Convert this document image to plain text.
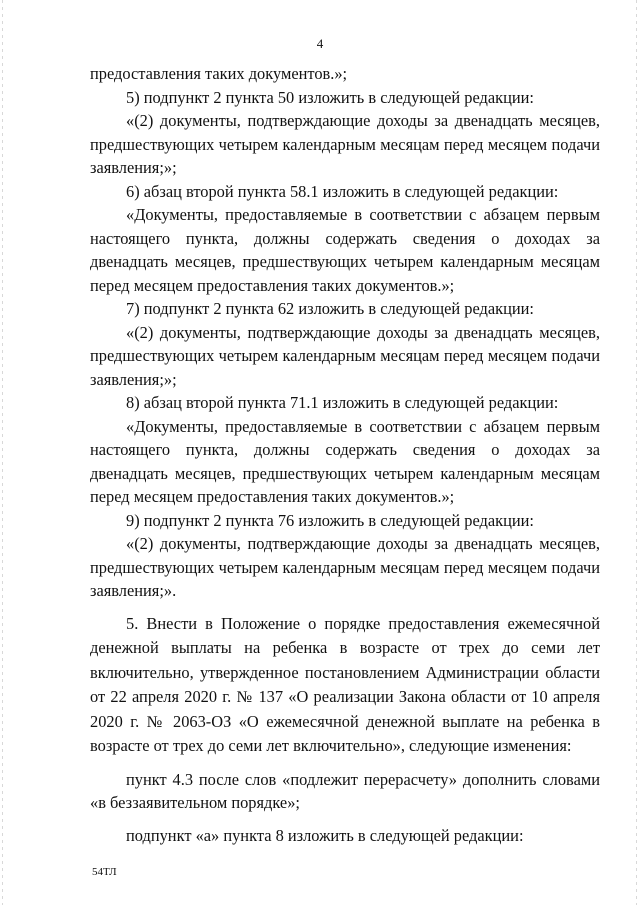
4

предоставления таких документов.»;

5) подпункт 2 пункта 50 изложить в следующей редакции:

«(2) документы, подтверждающие доходы за двенадцать месяцев, предшествующих четырем календарным месяцам перед месяцем подачи заявления;»;

6) абзац второй пункта 58.1 изложить в следующей редакции:

«Документы, предоставляемые в соответствии с абзацем первым настоящего пункта, должны содержать сведения о доходах за двенадцать месяцев, предшествующих четырем календарным месяцам перед месяцем предоставления таких документов.»;

7) подпункт 2 пункта 62 изложить в следующей редакции:

«(2) документы, подтверждающие доходы за двенадцать месяцев, предшествующих четырем календарным месяцам перед месяцем подачи заявления;»;

8) абзац второй пункта 71.1 изложить в следующей редакции:

«Документы, предоставляемые в соответствии с абзацем первым настоящего пункта, должны содержать сведения о доходах за двенадцать месяцев, предшествующих четырем календарным месяцам перед месяцем предоставления таких документов.»;

9) подпункт 2 пункта 76 изложить в следующей редакции:

«(2) документы, подтверждающие доходы за двенадцать месяцев, предшествующих четырем календарным месяцам перед месяцем подачи заявления;».

5. Внести в Положение о порядке предоставления ежемесячной денежной выплаты на ребенка в возрасте от трех до семи лет включительно, утвержденное постановлением Администрации области от 22 апреля 2020 г. № 137 «О реализации Закона области от 10 апреля 2020 г. № 2063-ОЗ «О ежемесячной денежной выплате на ребенка в возрасте от трех до семи лет включительно», следующие изменения:

пункт 4.3 после слов «подлежит перерасчету» дополнить словами «в беззаявительном порядке»;

подпункт «а» пункта 8 изложить в следующей редакции:

54ТЛ
